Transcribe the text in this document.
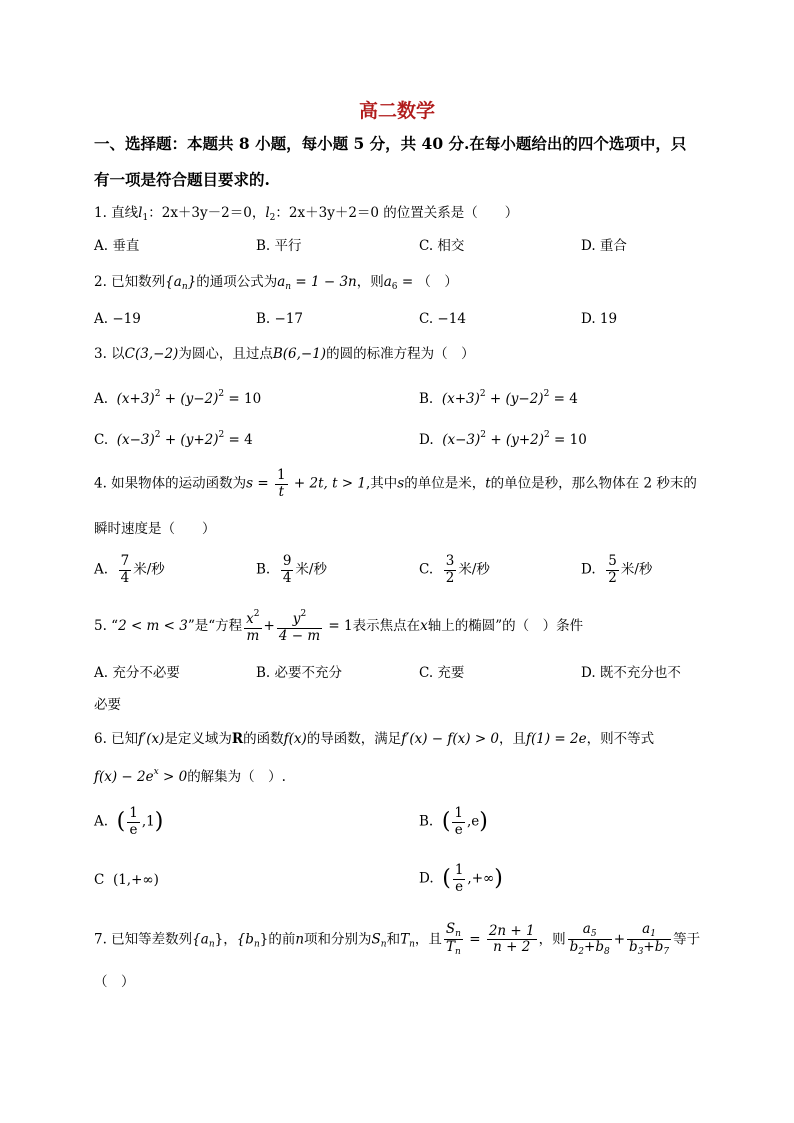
高二数学
一、选择题：本题共 8 小题，每小题 5 分，共 40 分.在每小题给出的四个选项中，只
有一项是符合题目要求的.
1. 直线$l_1$：2x＋3y－2＝0，$l_2$：2x＋3y＋2＝0 的位置关系是（　　）
A. 垂直	B. 平行	C. 相交	D. 重合
2. 已知数列$\{a_n\}$的通项公式为$a_n = 1 - 3n$，则$a_6$ = （　）
A. −19	B. −17	C. −14	D. 19
3. 以C(3,−2)为圆心，且过点B(6,−1)的圆的标准方程为（　）
A. $(x+3)^2 + (y-2)^2 = 10$	B. $(x+3)^2 + (y-2)^2 = 4$
C. $(x-3)^2 + (y+2)^2 = 4$	D. $(x-3)^2 + (y+2)^2 = 10$
4. 如果物体的运动函数为$s = \frac{1}{t} + 2t$, t > 1,其中s的单位是米，t的单位是秒，那么物体在 2 秒末的
瞬时速度是（　　）
A. $\frac{7}{4}$ 米/秒	B. $\frac{9}{4}$ 米/秒	C. $\frac{3}{2}$ 米/秒	D. $\frac{5}{2}$ 米/秒
5. “2 < m < 3”是“方程 $\frac{x^2}{m} + \frac{y^2}{4 - m} = 1$表示焦点在x轴上的椭圆”的（　）条件
A. 充分不必要	B. 必要不充分	C. 充要	D. 既不充分也不
必要
6. 已知f′(x)是定义域为R的函数f(x)的导函数，满足f′(x) − f(x) > 0，且f(1) = 2e，则不等式
$f(x) - 2e^x > 0$的解集为（　）.
A. ( $\frac{1}{e} ,1$)	B. ( $\frac{1}{e} ,e$)
C (1,+∞)	D. ( $\frac{1}{e}$ ,+∞)
7. 已知等差数列$\{a_n\}$，$\{b_n\}$的前n项和分别为$S_n$和$T_n$，且 $\frac{S_n}{T_n} = \frac{2n + 1}{n + 2}$ ，则 $\frac{a_5}{b_2+b_8} + \frac{a_1}{b_3+b_7}$ 等于
（　）
